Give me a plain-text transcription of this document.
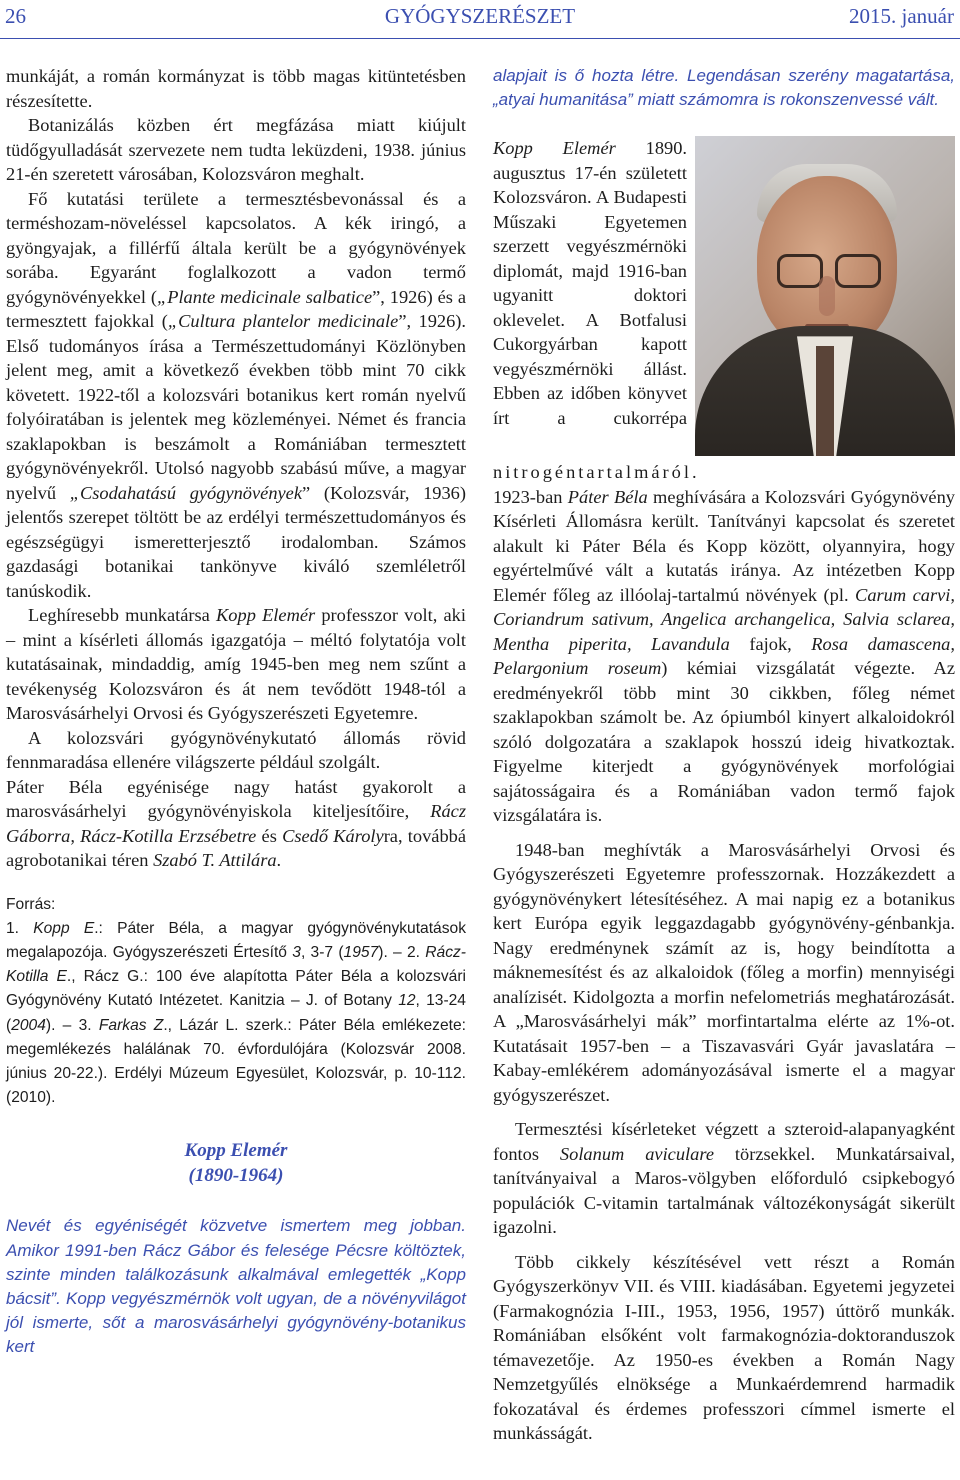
26	GYÓGYSZERÉSZET	2015. január

munkáját, a román kormányzat is több magas kitüntetésben részesítette.

Botanizálás közben ért megfázása miatt kiújult tüdőgyulladását szervezete nem tudta leküzdeni, 1938. június 21-én szeretett városában, Kolozsváron meghalt.

Fő kutatási területe a termesztésbevonással és a terméshozam-növeléssel kapcsolatos. A kék iringó, a gyöngyajak, a fillérfű általa került be a gyógynövények sorába. Egyaránt foglalkozott a vadon termő gyógynövényekkel („Plante medicinale salbatice”, 1926) és a termesztett fajokkal („Cultura plantelor medicinale”, 1926). Első tudományos írása a Természettudományi Közlönyben jelent meg, amit a következő években több mint 70 cikk követett. 1922-től a kolozsvári botanikus kert román nyelvű folyóiratában is jelentek meg közleményei. Német és francia szaklapokban is beszámolt a Romániában termesztett gyógynövényekről. Utolsó nagyobb szabású műve, a magyar nyelvű „Csodahatású gyógynövények” (Kolozsvár, 1936) jelentős szerepet töltött be az erdélyi természettudományos és egészségügyi ismeretterjesztő irodalomban. Számos gazdasági botanikai tankönyve kiváló szemléletről tanúskodik.

Leghíresebb munkatársa Kopp Elemér professzor volt, aki – mint a kísérleti állomás igazgatója – méltó folytatója volt kutatásainak, mindaddig, amíg 1945-ben meg nem szűnt a tevékenység Kolozsváron és át nem tevődött 1948-tól a Marosvásárhelyi Orvosi és Gyógyszerészeti Egyetemre.

A kolozsvári gyógynövénykutató állomás rövid fennmaradása ellenére világszerte például szolgált.

Páter Béla egyénisége nagy hatást gyakorolt a marosvásárhelyi gyógynövényiskola kiteljesítőire, Rácz Gáborra, Rácz-Kotilla Erzsébetre és Csedő Károlyra, továbbá agrobotanikai téren Szabó T. Attilára.

Forrás:
1. Kopp E.: Páter Béla, a magyar gyógynövénykutatások megalapozója. Gyógyszerészeti Értesítő 3, 3-7 (1957). – 2. Rácz-Kotilla E., Rácz G.: 100 éve alapította Páter Béla a kolozsvári Gyógynövény Kutató Intézetet. Kanitzia – J. of Botany 12, 13-24 (2004). – 3. Farkas Z., Lázár L. szerk.: Páter Béla emlékezete: megemlékezés halálának 70. évfordulójára (Kolozsvár 2008. június 20-22.). Erdélyi Múzeum Egyesület, Kolozsvár, p. 10-112. (2010).
Kopp Elemér
(1890-1964)

Nevét és egyéniségét közvetve ismertem meg jobban. Amikor 1991-ben Rácz Gábor és felesége Pécsre költöztek, szinte minden találkozásunk alkalmával emlegették „Kopp bácsit”. Kopp vegyészmérnök volt ugyan, de a növényvilágot jól ismerte, sőt a marosvásárhelyi gyógynövény-botanikus kert

alapjait is ő hozta létre. Legendásan szerény magatartása, „atyai humanitása” miatt számomra is rokonszenvessé vált.

Kopp Elemér 1890. augusztus 17-én született Kolozsváron. A Budapesti Műszaki Egyetemen szerzett vegyészmérnöki diplomát, majd 1916-ban ugyanitt doktori oklevelet. A Botfalusi Cukorgyárban kapott vegyészmérnöki állást. Ebben az időben könyvet írt a cukorrépa nitrogéntartalmáról.

1923-ban Páter Béla meghívására a Kolozsvári Gyógynövény Kísérleti Állomásra került. Tanítványi kapcsolat és szeretet alakult ki Páter Béla és Kopp között, olyannyira, hogy egyértelművé vált a kutatás iránya. Az intézetben Kopp Elemér főleg az illóolaj-tartalmú növények (pl. Carum carvi, Coriandrum sativum, Angelica archangelica, Salvia sclarea, Mentha piperita, Lavandula fajok, Rosa damascena, Pelargonium roseum) kémiai vizsgálatát végezte. Az eredményekről több mint 30 cikkben, főleg német szaklapokban számolt be. Az ópiumból kinyert alkaloidokról szóló dolgozatára a szaklapok hosszú ideig hivatkoztak. Figyelme kiterjedt a gyógynövények morfológiai sajátosságaira és a Romániában vadon termő fajok vizsgálatára is.

1948-ban meghívták a Marosvásárhelyi Orvosi és Gyógyszerészeti Egyetemre professzornak. Hozzákezdett a gyógynövénykert létesítéséhez. A mai napig ez a botanikus kert Európa egyik leggazdagabb gyógynövény-génbankja. Nagy eredménynek számít az is, hogy beindította a máknemesítést és az alkaloidok (főleg a morfin) mennyiségi analízisét. Kidolgozta a morfin nefelometriás meghatározását. A „Marosvásárhelyi mák” morfintartalma elérte az 1%-ot. Kutatásait 1957-ben – a Tiszavasvári Gyár javaslatára – Kabay-emlékérem adományozásával ismerte el a magyar gyógyszerészet.

Termesztési kísérleteket végzett a szteroid-alapanyagként fontos Solanum aviculare törzsekkel. Munkatársaival, tanítványaival a Maros-völgyben előforduló csipkebogyó populációk C-vitamin tartalmának változékonyságát sikerült igazolni.

Több cikkely készítésével vett részt a Román Gyógyszerkönyv VII. és VIII. kiadásában. Egyetemi jegyzetei (Farmakognózia I-III., 1953, 1956, 1957) úttörő munkák. Romániában elsőként volt farmakognózia-doktoranduszok témavezetője. Az 1950-es években a Román Nagy Nemzetgyűlés elnöksége a Munkaérdemrend harmadik fokozatával és érdemes professzori címmel ismerte el munkásságát.
